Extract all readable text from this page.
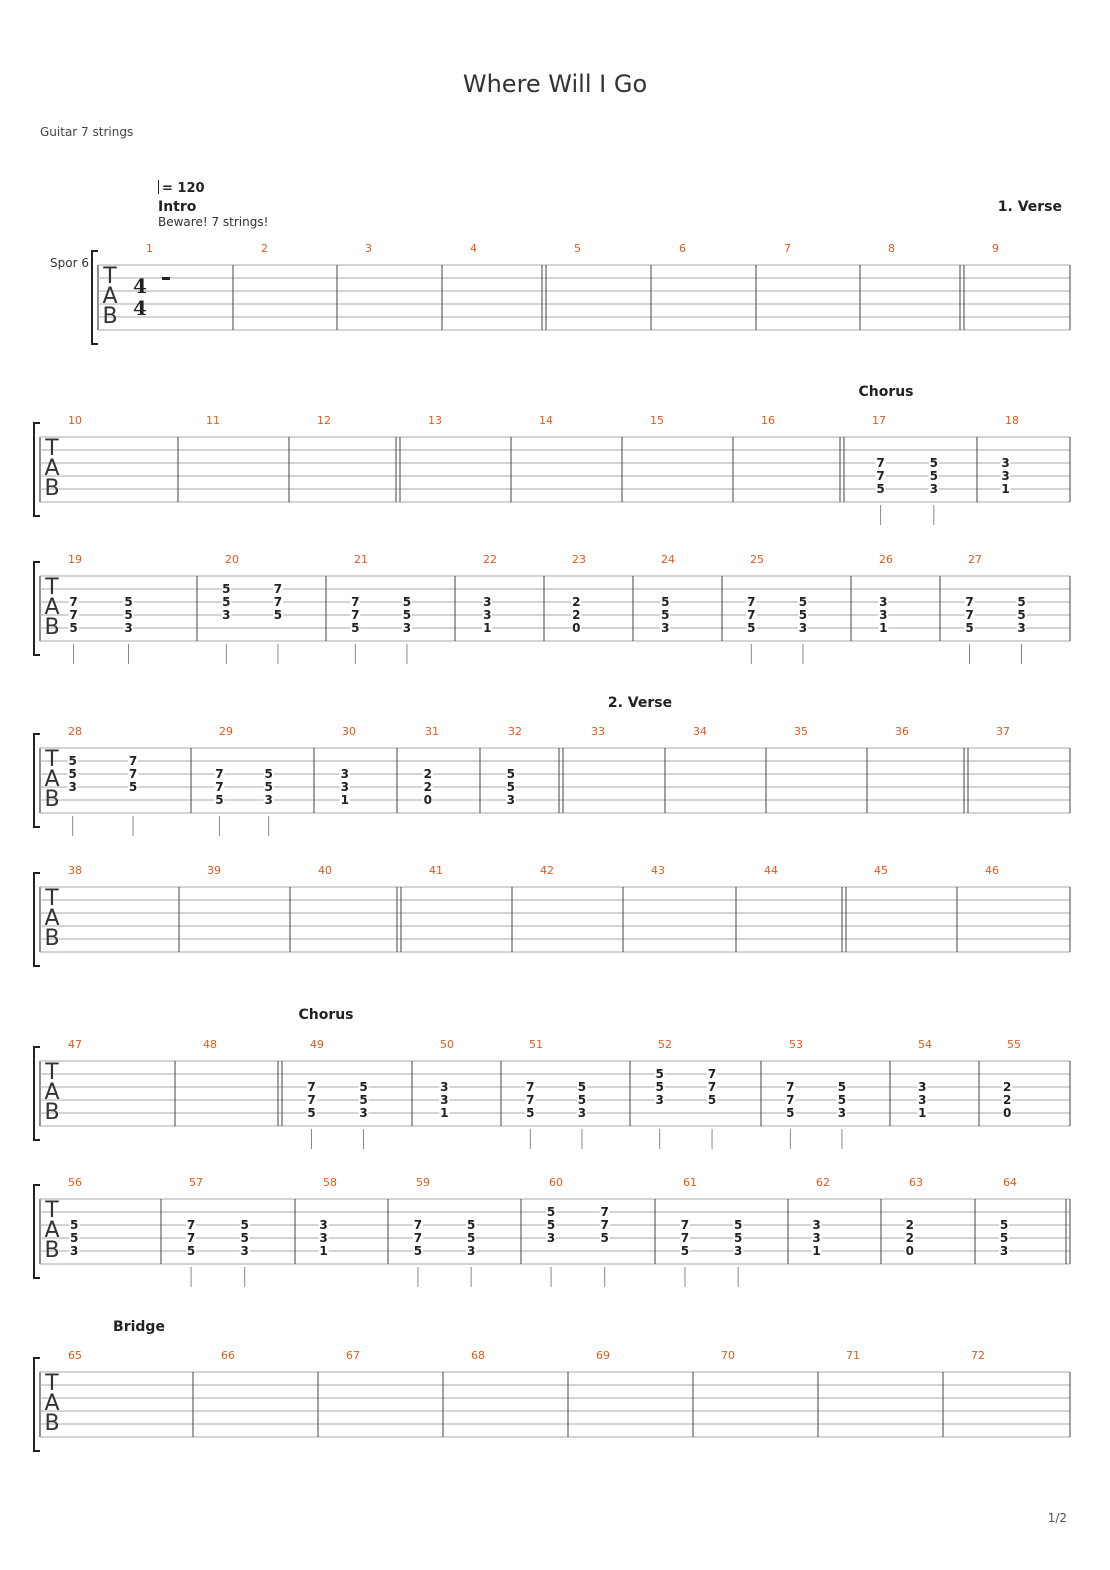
Where Will I Go
Guitar 7 strings
= 120
Spor 6
1/2
T
A
B
4
4
1	2	3	4	5	6	7	8	9
T
A
B
10	11	12	13	14	15	16	17	18
7
7
5
5
5
3
3
3
1
T
A
B
19	20	21	22	23	24	25	26	27
7
7
5
5
5
3
5
5
3
7
7
5
7
7
5
5
5
3
3
3
1
2
2
0
5
5
3
7
7
5
5
5
3
3
3
1
7
7
5
5
5
3
T
A
B
28	29	30	31	32	33	34	35	36	37
5
5
3
7
7
5
7
7
5
5
5
3
3
3
1
2
2
0
5
5
3
T
A
B
38	39	40	41	42	43	44	45	46
T
A
B
47	48	49	50	51	52	53	54	55
7
7
5
5
5
3
3
3
1
7
7
5
5
5
3
5
5
3
7
7
5
7
7
5
5
5
3
3
3
1
2
2
0
T
A
B
56	57	58	59	60	61	62	63	64
5
5
3
7
7
5
5
5
3
3
3
1
7
7
5
5
5
3
5
5
3
7
7
5
7
7
5
5
5
3
3
3
1
2
2
0
5
5
3
T
A
B
65	66	67	68	69	70	71	72
Intro	1. Verse
Chorus
2. Verse
Chorus
Bridge
Beware! 7 strings!
